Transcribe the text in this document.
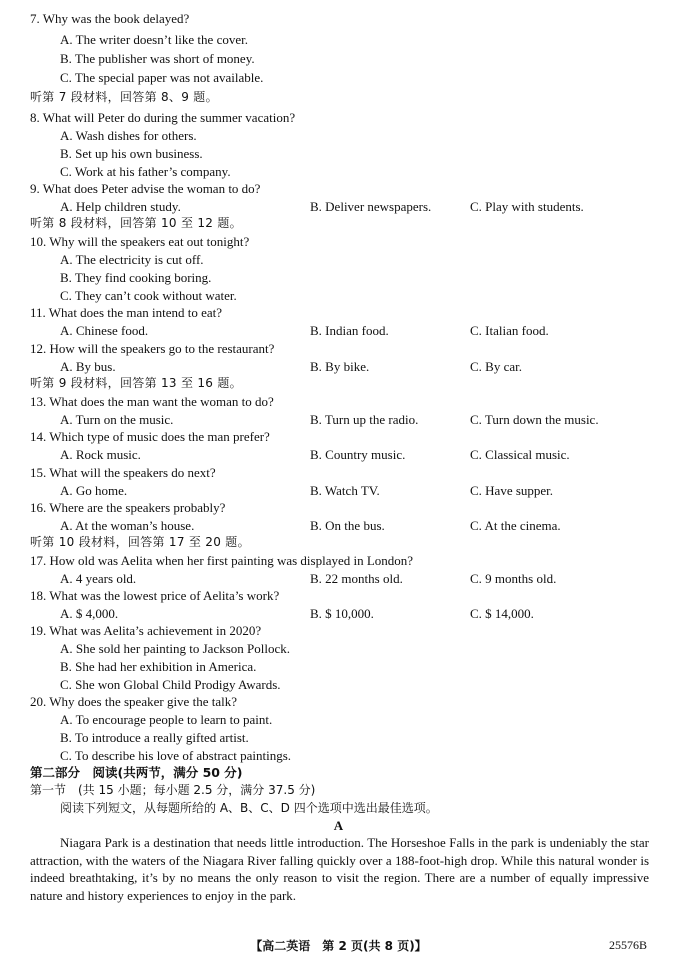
7. Why was the book delayed?
A. The writer doesn’t like the cover.
B. The publisher was short of money.
C. The special paper was not available.
听第 7 段材料，回答第 8、9 题。
8. What will Peter do during the summer vacation?
A. Wash dishes for others.
B. Set up his own business.
C. Work at his father’s company.
9. What does Peter advise the woman to do?
A. Help children study.	B. Deliver newspapers.	C. Play with students.
听第 8 段材料，回答第 10 至 12 题。
10. Why will the speakers eat out tonight?
A. The electricity is cut off.
B. They find cooking boring.
C. They can’t cook without water.
11. What does the man intend to eat?
A. Chinese food.	B. Indian food.	C. Italian food.
12. How will the speakers go to the restaurant?
A. By bus.	B. By bike.	C. By car.
听第 9 段材料，回答第 13 至 16 题。
13. What does the man want the woman to do?
A. Turn on the music.	B. Turn up the radio.	C. Turn down the music.
14. Which type of music does the man prefer?
A. Rock music.	B. Country music.	C. Classical music.
15. What will the speakers do next?
A. Go home.	B. Watch TV.	C. Have supper.
16. Where are the speakers probably?
A. At the woman’s house.	B. On the bus.	C. At the cinema.
听第 10 段材料，回答第 17 至 20 题。
17. How old was Aelita when her first painting was displayed in London?
A. 4 years old.	B. 22 months old.	C. 9 months old.
18. What was the lowest price of Aelita’s work?
A. $ 4,000.	B. $ 10,000.	C. $ 14,000.
19. What was Aelita’s achievement in 2020?
A. She sold her painting to Jackson Pollock.
B. She had her exhibition in America.
C. She won Global Child Prodigy Awards.
20. Why does the speaker give the talk?
A. To encourage people to learn to paint.
B. To introduce a really gifted artist.
C. To describe his love of abstract paintings.
第二部分　阅读(共两节，满分 50 分)
第一节　(共 15 小题；每小题 2.5 分，满分 37.5 分)
阅读下列短文，从每题所给的 A、B、C、D 四个选项中选出最佳选项。
A
Niagara Park is a destination that needs little introduction. The Horseshoe Falls in the park is undeniably the star attraction, with the waters of the Niagara River falling quickly over a 188-foot-high drop. While this natural wonder is indeed breathtaking, it’s by no means the only reason to visit the region. There are a number of equally impressive nature and history experiences to enjoy in the park.
【高二英语　第 2 页(共 8 页)】	25576B
